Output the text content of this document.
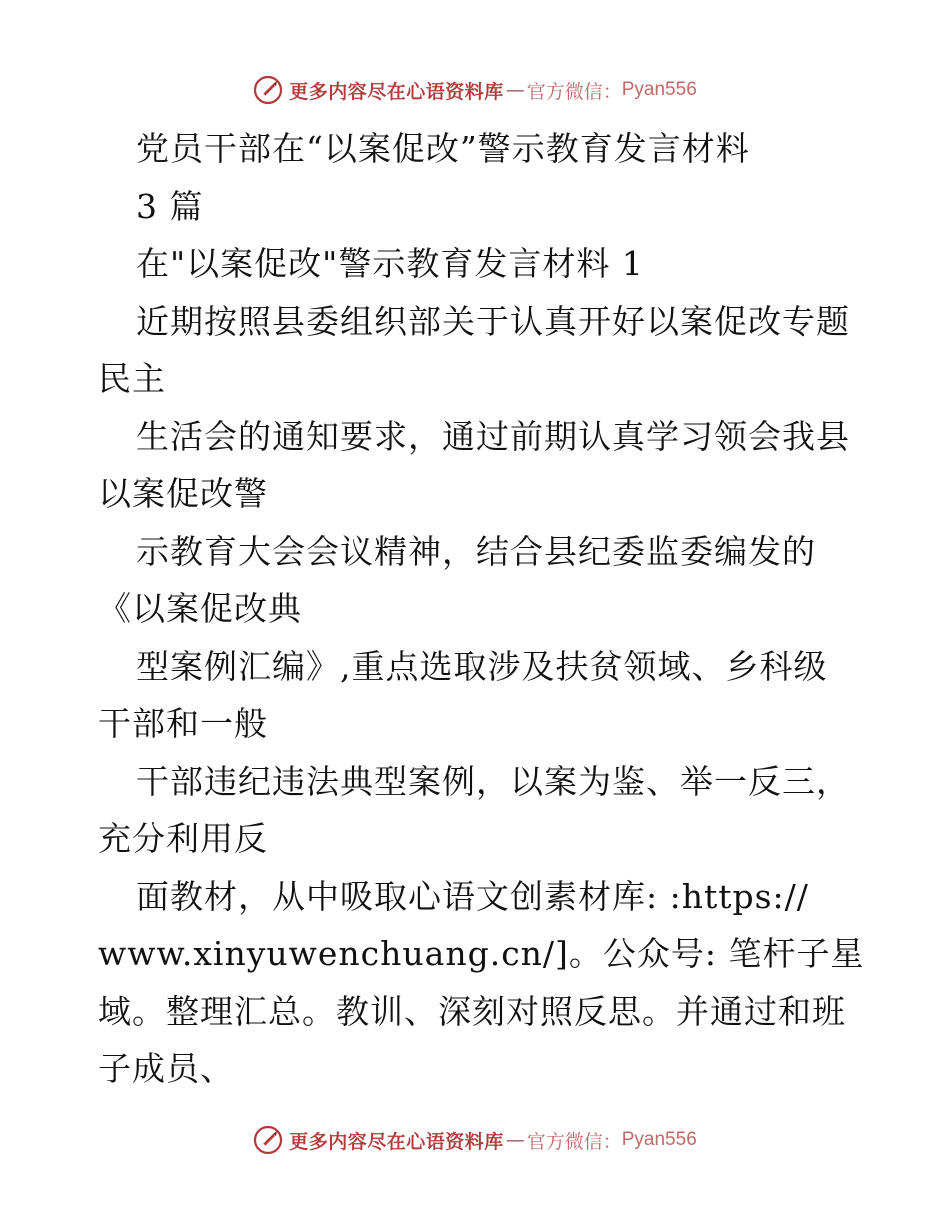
更多内容尽在心语资料库 — 官方微信： Pyan556
党员干部在“以案促改”警示教育发言材料
3 篇
在"以案促改"警示教育发言材料 1
近期按照县委组织部关于认真开好以案促改专题
民主
生活会的通知要求，通过前期认真学习领会我县
以案促改警
示教育大会会议精神，结合县纪委监委编发的
《以案促改典
型案例汇编》,重点选取涉及扶贫领域、乡科级
干部和一般
干部违纪违法典型案例，以案为鉴、举一反三，
充分利用反
面教材，从中吸取心语文创素材库: :https://
www.xinyuwenchuang.cn/]。公众号: 笔杆子星
域。整理汇总。教训、深刻对照反思。并通过和班
子成员、
更多内容尽在心语资料库 — 官方微信： Pyan556
